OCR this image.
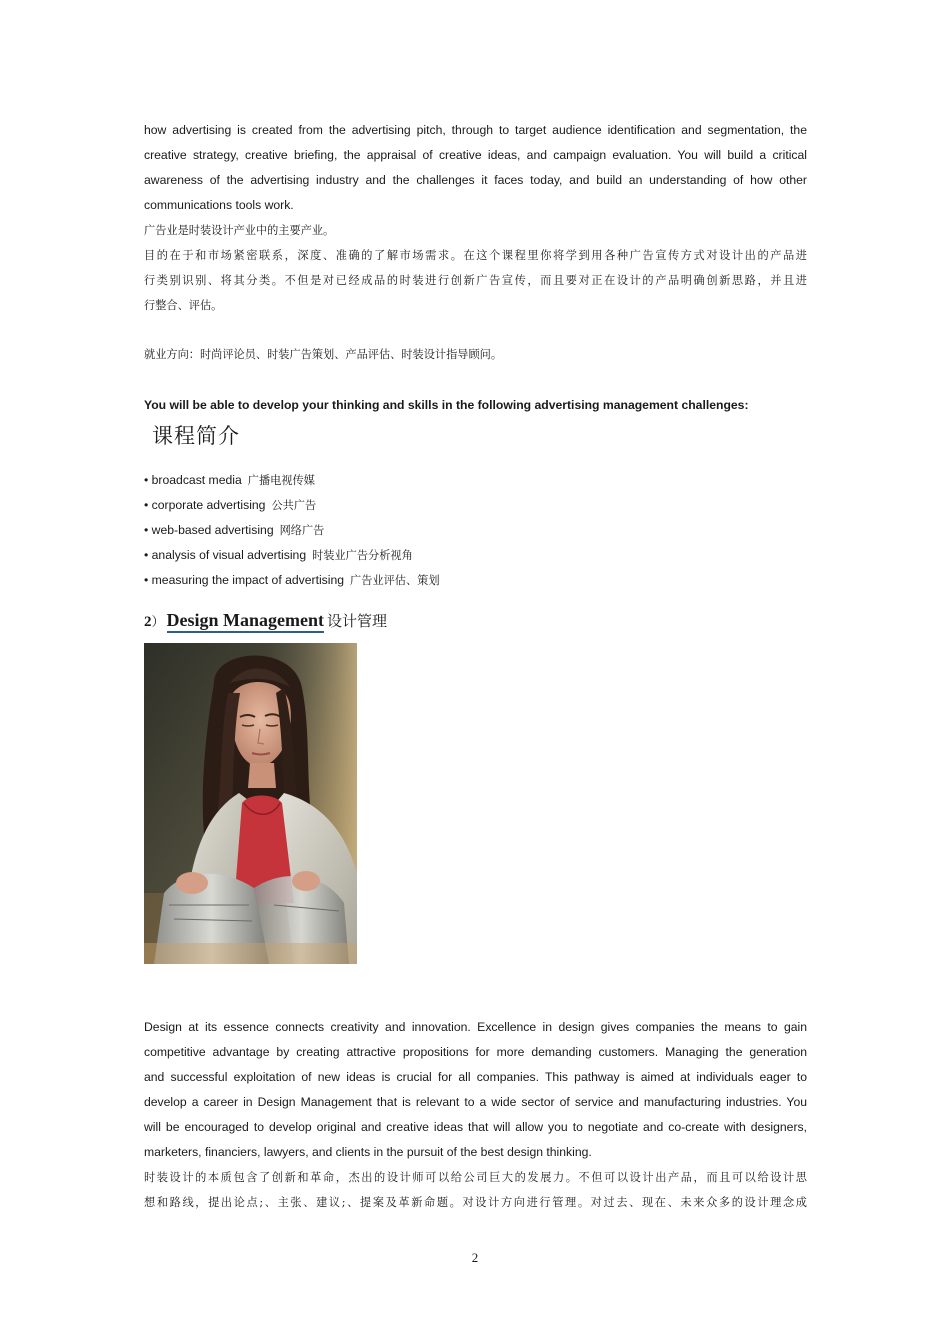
how advertising is created from the advertising pitch, through to target audience identification and segmentation, the
creative strategy, creative briefing, the appraisal of creative ideas, and campaign evaluation. You will build a critical
awareness of the advertising industry and the challenges it faces today, and build an understanding of how other
communications tools work.
广告业是时装设计产业中的主要产业。
目的在于和市场紧密联系，深度、准确的了解市场需求。在这个课程里你将学到用各种广告宣传方式对设计出的产品进
行类别识别、将其分类。不但是对已经成品的时装进行创新广告宣传，而且要对正在设计的产品明确创新思路，并且进
行整合、评估。
就业方向：时尚评论员、时装广告策划、产品评估、时装设计指导顾问。
You will be able to develop your thinking and skills in the following advertising management challenges:
课程简介
• broadcast media 广播电视传媒
• corporate advertising 公共广告
• web-based advertising 网络广告
• analysis of visual advertising 时装业广告分析视角
• measuring the impact of advertising 广告业评估、策划
2） Design Management 设计管理
Design at its essence connects creativity and innovation. Excellence in design gives companies the means to gain
competitive advantage by creating attractive propositions for more demanding customers. Managing the generation
and successful exploitation of new ideas is crucial for all companies. This pathway is aimed at individuals eager to
develop a career in Design Management that is relevant to a wide sector of service and manufacturing industries. You
will be encouraged to develop original and creative ideas that will allow you to negotiate and co-create with designers,
marketers, financiers, lawyers, and clients in the pursuit of the best design thinking.
时装设计的本质包含了创新和革命，杰出的设计师可以给公司巨大的发展力。不但可以设计出产品，而且可以给设计思
想和路线，提出论点;、主张、建议;、提案及革新命题。对设计方向进行管理。对过去、现在、未来众多的设计理念成
2
